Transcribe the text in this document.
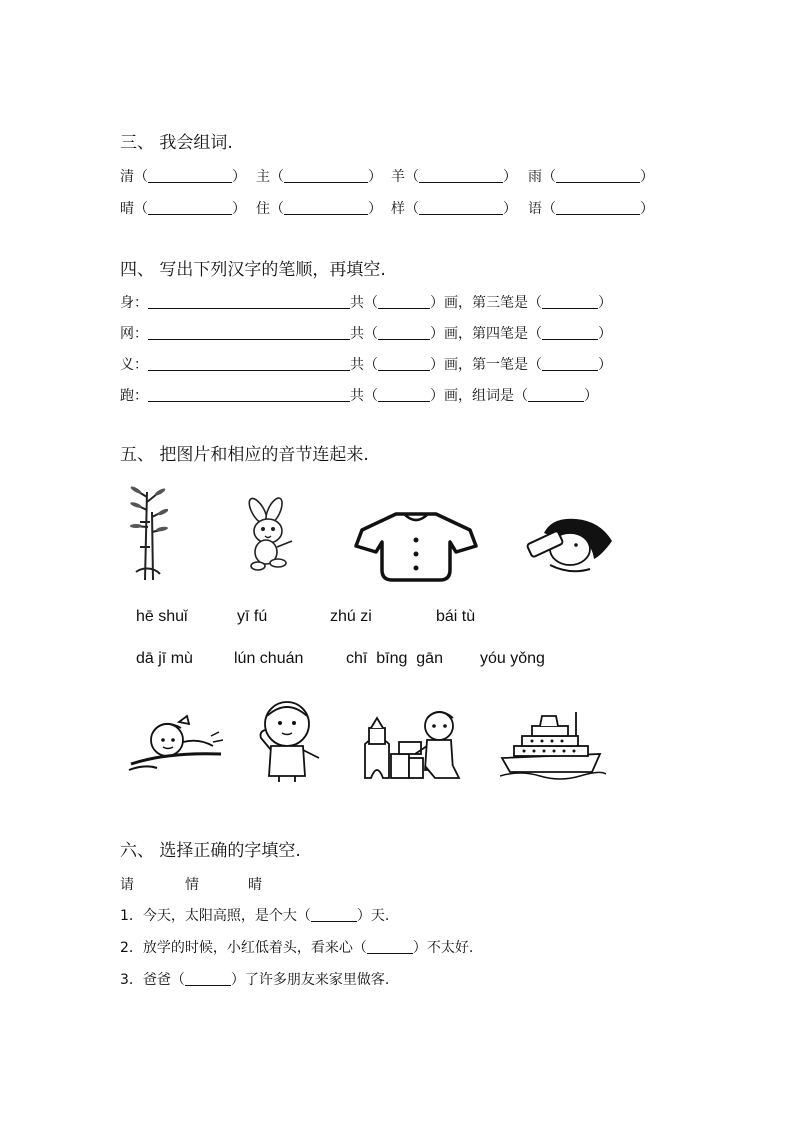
三、 我会组词.
清（	） 主（	） 羊（	） 雨（	）
晴（	） 住（	） 样（	） 语（	）
四、 写出下列汉字的笔顺，再填空.
身：	共（	）画，第三笔是（	）
网：	共（	）画，第四笔是（	）
义：	共（	）画，第一笔是（	）
跑：	共（	）画，组词是（	）
五、 把图片和相应的音节连起来.
hē shuǐ	yī fú	zhú zi	bái tù
dā jī mù	lún chuán	chī  bīng  gān yóu yǒng
六、 选择正确的字填空.
请	情	晴
1．今天，太阳高照，是个大（	）天.
2．放学的时候，小红低着头，看来心（	）不太好.
3．爸爸（	）了许多朋友来家里做客.
